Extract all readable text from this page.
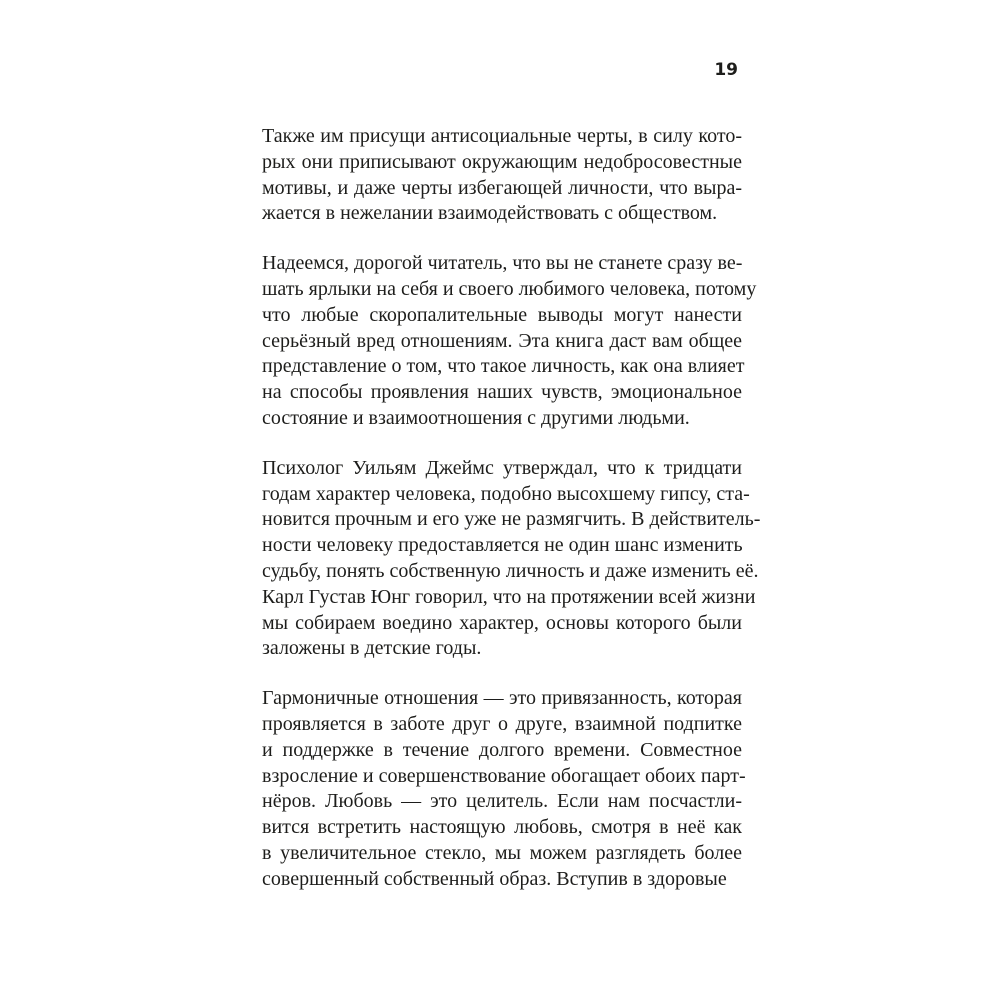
19

Также им присущи антисоциальные черты, в силу кото-
рых они приписывают окружающим недобросовестные
мотивы, и даже черты избегающей личности, что выра-
жается в нежелании взаимодействовать с обществом.

Надеемся, дорогой читатель, что вы не станете сразу ве-
шать ярлыки на себя и своего любимого человека, потому
что любые скоропалительные выводы могут нанести
серьёзный вред отношениям. Эта книга даст вам общее
представление о том, что такое личность, как она влияет
на способы проявления наших чувств, эмоциональное
состояние и взаимоотношения с другими людьми.

Психолог Уильям Джеймс утверждал, что к тридцати
годам характер человека, подобно высохшему гипсу, ста-
новится прочным и его уже не размягчить. В действитель-
ности человеку предоставляется не один шанс изменить
судьбу, понять собственную личность и даже изменить её.
Карл Густав Юнг говорил, что на протяжении всей жизни
мы собираем воедино характер, основы которого были
заложены в детские годы.

Гармоничные отношения — это привязанность, которая
проявляется в заботе друг о друге, взаимной подпитке
и поддержке в течение долгого времени. Совместное
взросление и совершенствование обогащает обоих парт-
нёров. Любовь — это целитель. Если нам посчастли-
вится встретить настоящую любовь, смотря в неё как
в увеличительное стекло, мы можем разглядеть более
совершенный собственный образ. Вступив в здоровые
